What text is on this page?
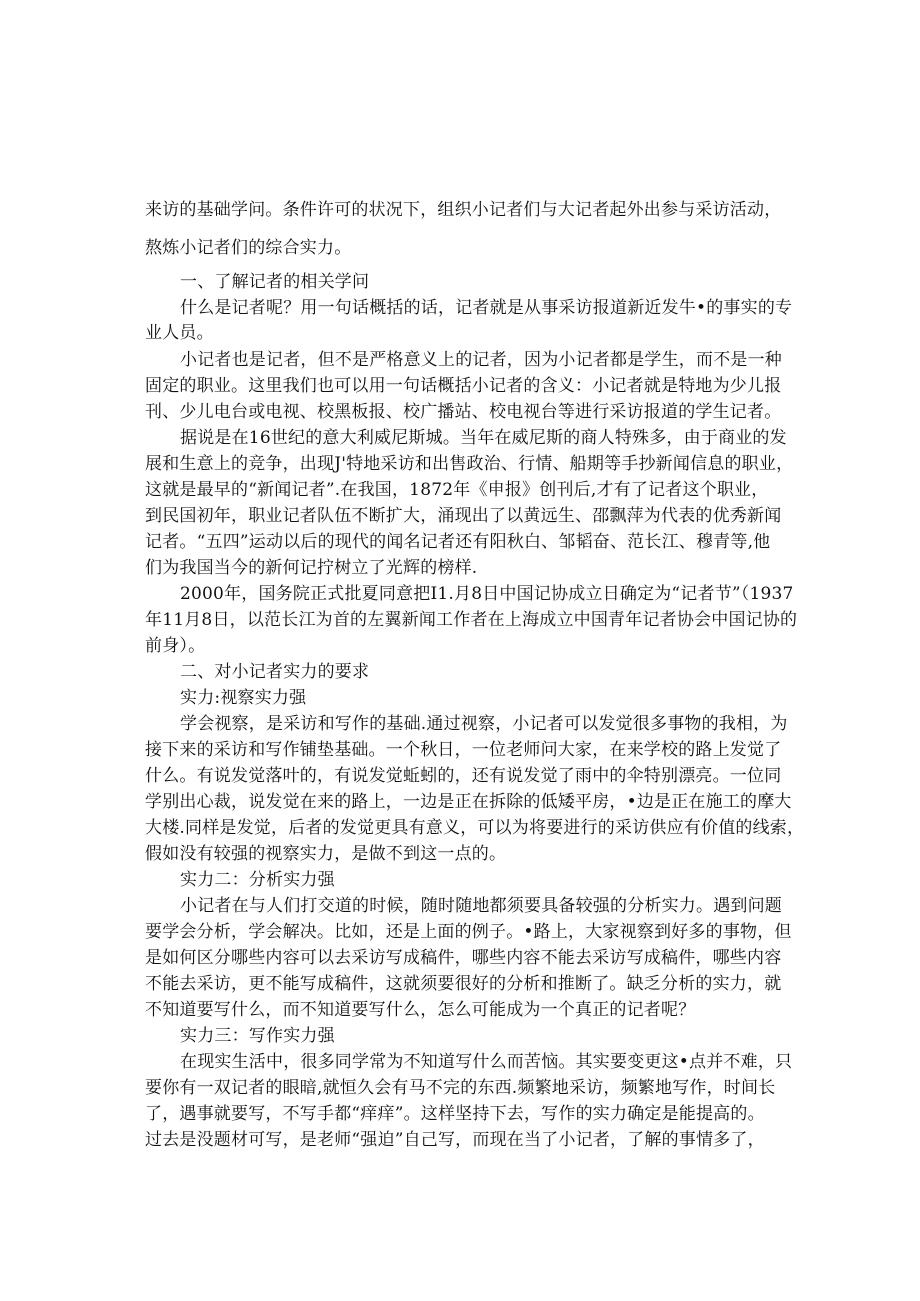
来访的基础学问。条件许可的状况下，组织小记者们与大记者起外出参与采访活动，
熬炼小记者们的综合实力。
一、了解记者的相关学问
什么是记者呢？用一句话概括的话，记者就是从事采访报道新近发牛•的事实的专
业人员。
小记者也是记者，但不是严格意义上的记者，因为小记者都是学生，而不是一种
固定的职业。这里我们也可以用一句话概括小记者的含义：小记者就是特地为少儿报
刊、少儿电台或电视、校黑板报、校广播站、校电视台等进行采访报道的学生记者。
据说是在16世纪的意大利威尼斯城。当年在威尼斯的商人特殊多，由于商业的发
展和生意上的竞争，出现J'特地采访和出售政治、行情、船期等手抄新闻信息的职业，
这就是最早的“新闻记者”.在我国，1872年《申报》创刊后,才有了记者这个职业，
到民国初年，职业记者队伍不断扩大，涌现出了以黄远生、邵飘萍为代表的优秀新闻
记者。“五四”运动以后的现代的闻名记者还有阳秋白、邹韬奋、范长江、穆青等,他
们为我国当今的新何记拧树立了光辉的榜样.
2000年，国务院正式批夏同意把I1.月8日中国记协成立日确定为“记者节”（1937
年11月8日，以范长江为首的左翼新闻工作者在上海成立中国青年记者协会中国记协的
前身）。
二、对小记者实力的要求
实力:视察实力强
学会视察，是采访和写作的基础.通过视察，小记者可以发觉很多事物的我相，为
接下来的采访和写作铺垫基础。一个秋日，一位老师问大家，在来学校的路上发觉了
什么。有说发觉落叶的，有说发觉蚯蚓的，还有说发觉了雨中的伞特别漂亮。一位同
学别出心裁，说发觉在来的路上，一边是正在拆除的低矮平房，•边是正在施工的摩大
大楼.同样是发觉，后者的发觉更具有意义，可以为将要进行的采访供应有价值的线索，
假如没有较强的视察实力，是做不到这一点的。
实力二：分析实力强
小记者在与人们打交道的时候，随时随地都须要具备较强的分析实力。遇到问题
要学会分析，学会解决。比如，还是上面的例子。•路上，大家视察到好多的事物，但
是如何区分哪些内容可以去采访写成稿件，哪些内容不能去采访写成稿件，哪些内容
不能去采访，更不能写成稿件，这就须要很好的分析和推断了。缺乏分析的实力，就
不知道要写什么，而不知道要写什么，怎么可能成为一个真正的记者呢？
实力三：写作实力强
在现实生活中，很多同学常为不知道写什么而苦恼。其实要变更这•点并不难，只
要你有一双记者的眼暗,就恒久会有马不完的东西.频繁地采访，频繁地写作，时间长
了，遇事就要写，不写手都“痒痒”。这样坚持下去，写作的实力确定是能提高的。
过去是没题材可写，是老师“强迫”自己写，而现在当了小记者，了解的事情多了，
